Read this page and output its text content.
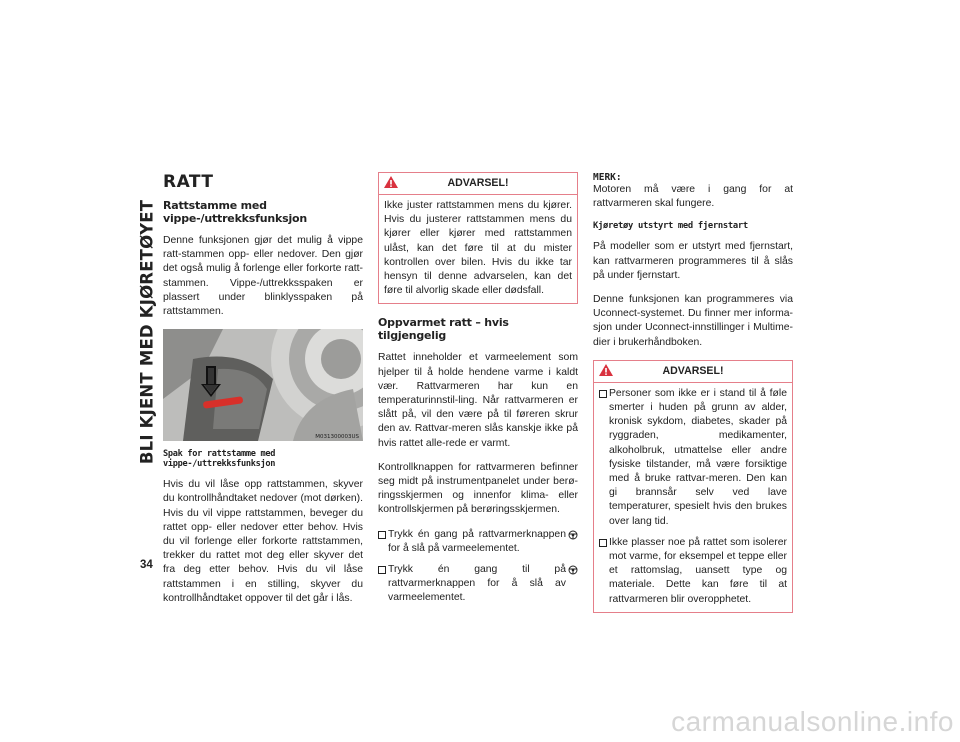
BLI KJENT MED KJØRETØYET
34
RATT
Rattstamme med vippe-/uttrekksfunksjon

Denne funksjonen gjør det mulig å vippe ratt-stammen opp- eller nedover. Den gjør det også mulig å forlenge eller forkorte ratt-stammen. Vippe-/uttrekksspaken er plassert under blinklysspaken på rattstammen.

M031300003US
Spak for rattstamme med vippe-/uttrekksfunksjon

Hvis du vil låse opp rattstammen, skyver du kontrollhåndtaket nedover (mot dørken). Hvis du vil vippe rattstammen, beveger du rattet opp- eller nedover etter behov. Hvis du vil forlenge eller forkorte rattstammen, trekker du rattet mot deg eller skyver det fra deg etter behov. Hvis du vil låse rattstammen i en stilling, skyver du kontrollhåndtaket oppover til det går i lås.

ADVARSEL!

Ikke juster rattstammen mens du kjører. Hvis du justerer rattstammen mens du kjører eller kjører med rattstammen ulåst, kan det føre til at du mister kontrollen over bilen. Hvis du ikke tar hensyn til denne advarselen, kan det føre til alvorlig skade eller dødsfall.

Oppvarmet ratt – hvis tilgjengelig

Rattet inneholder et varmeelement som hjelper til å holde hendene varme i kaldt vær. Rattvarmeren har kun en temperaturinnstil-ling. Når rattvarmeren er slått på, vil den være på til føreren skrur den av. Rattvar-meren slås kanskje ikke på hvis rattet alle-rede er varmt.

Kontrollknappen for rattvarmeren befinner seg midt på instrumentpanelet under berø-ringsskjermen og innenfor klima- eller kontrollskjermen på berøringsskjermen.

Trykk én gang på rattvarmerknappen for å slå på varmeelementet.
Trykk én gang til på rattvarmerknappen for å slå av varmeelementet.
MERK:

Motoren må være i gang for at rattvarmeren skal fungere.

Kjøretøy utstyrt med fjernstart

På modeller som er utstyrt med fjernstart, kan rattvarmeren programmeres til å slås på under fjernstart.

Denne funksjonen kan programmeres via Uconnect-systemet. Du finner mer informa-sjon under Uconnect-innstillinger i Multime-dier i brukerhåndboken.

ADVARSEL!
Personer som ikke er i stand til å føle smerter i huden på grunn av alder, kronisk sykdom, diabetes, skader på ryggraden, medikamenter, alkoholbruk, utmattelse eller andre fysiske tilstander, må være forsiktige med å bruke rattvar-meren. Den kan gi brannsår selv ved lave temperaturer, spesielt hvis den brukes over lang tid.
Ikke plasser noe på rattet som isolerer mot varme, for eksempel et teppe eller et rattomslag, uansett type og materiale. Dette kan føre til at rattvarmeren blir overopphetet.
carmanualsonline.info
